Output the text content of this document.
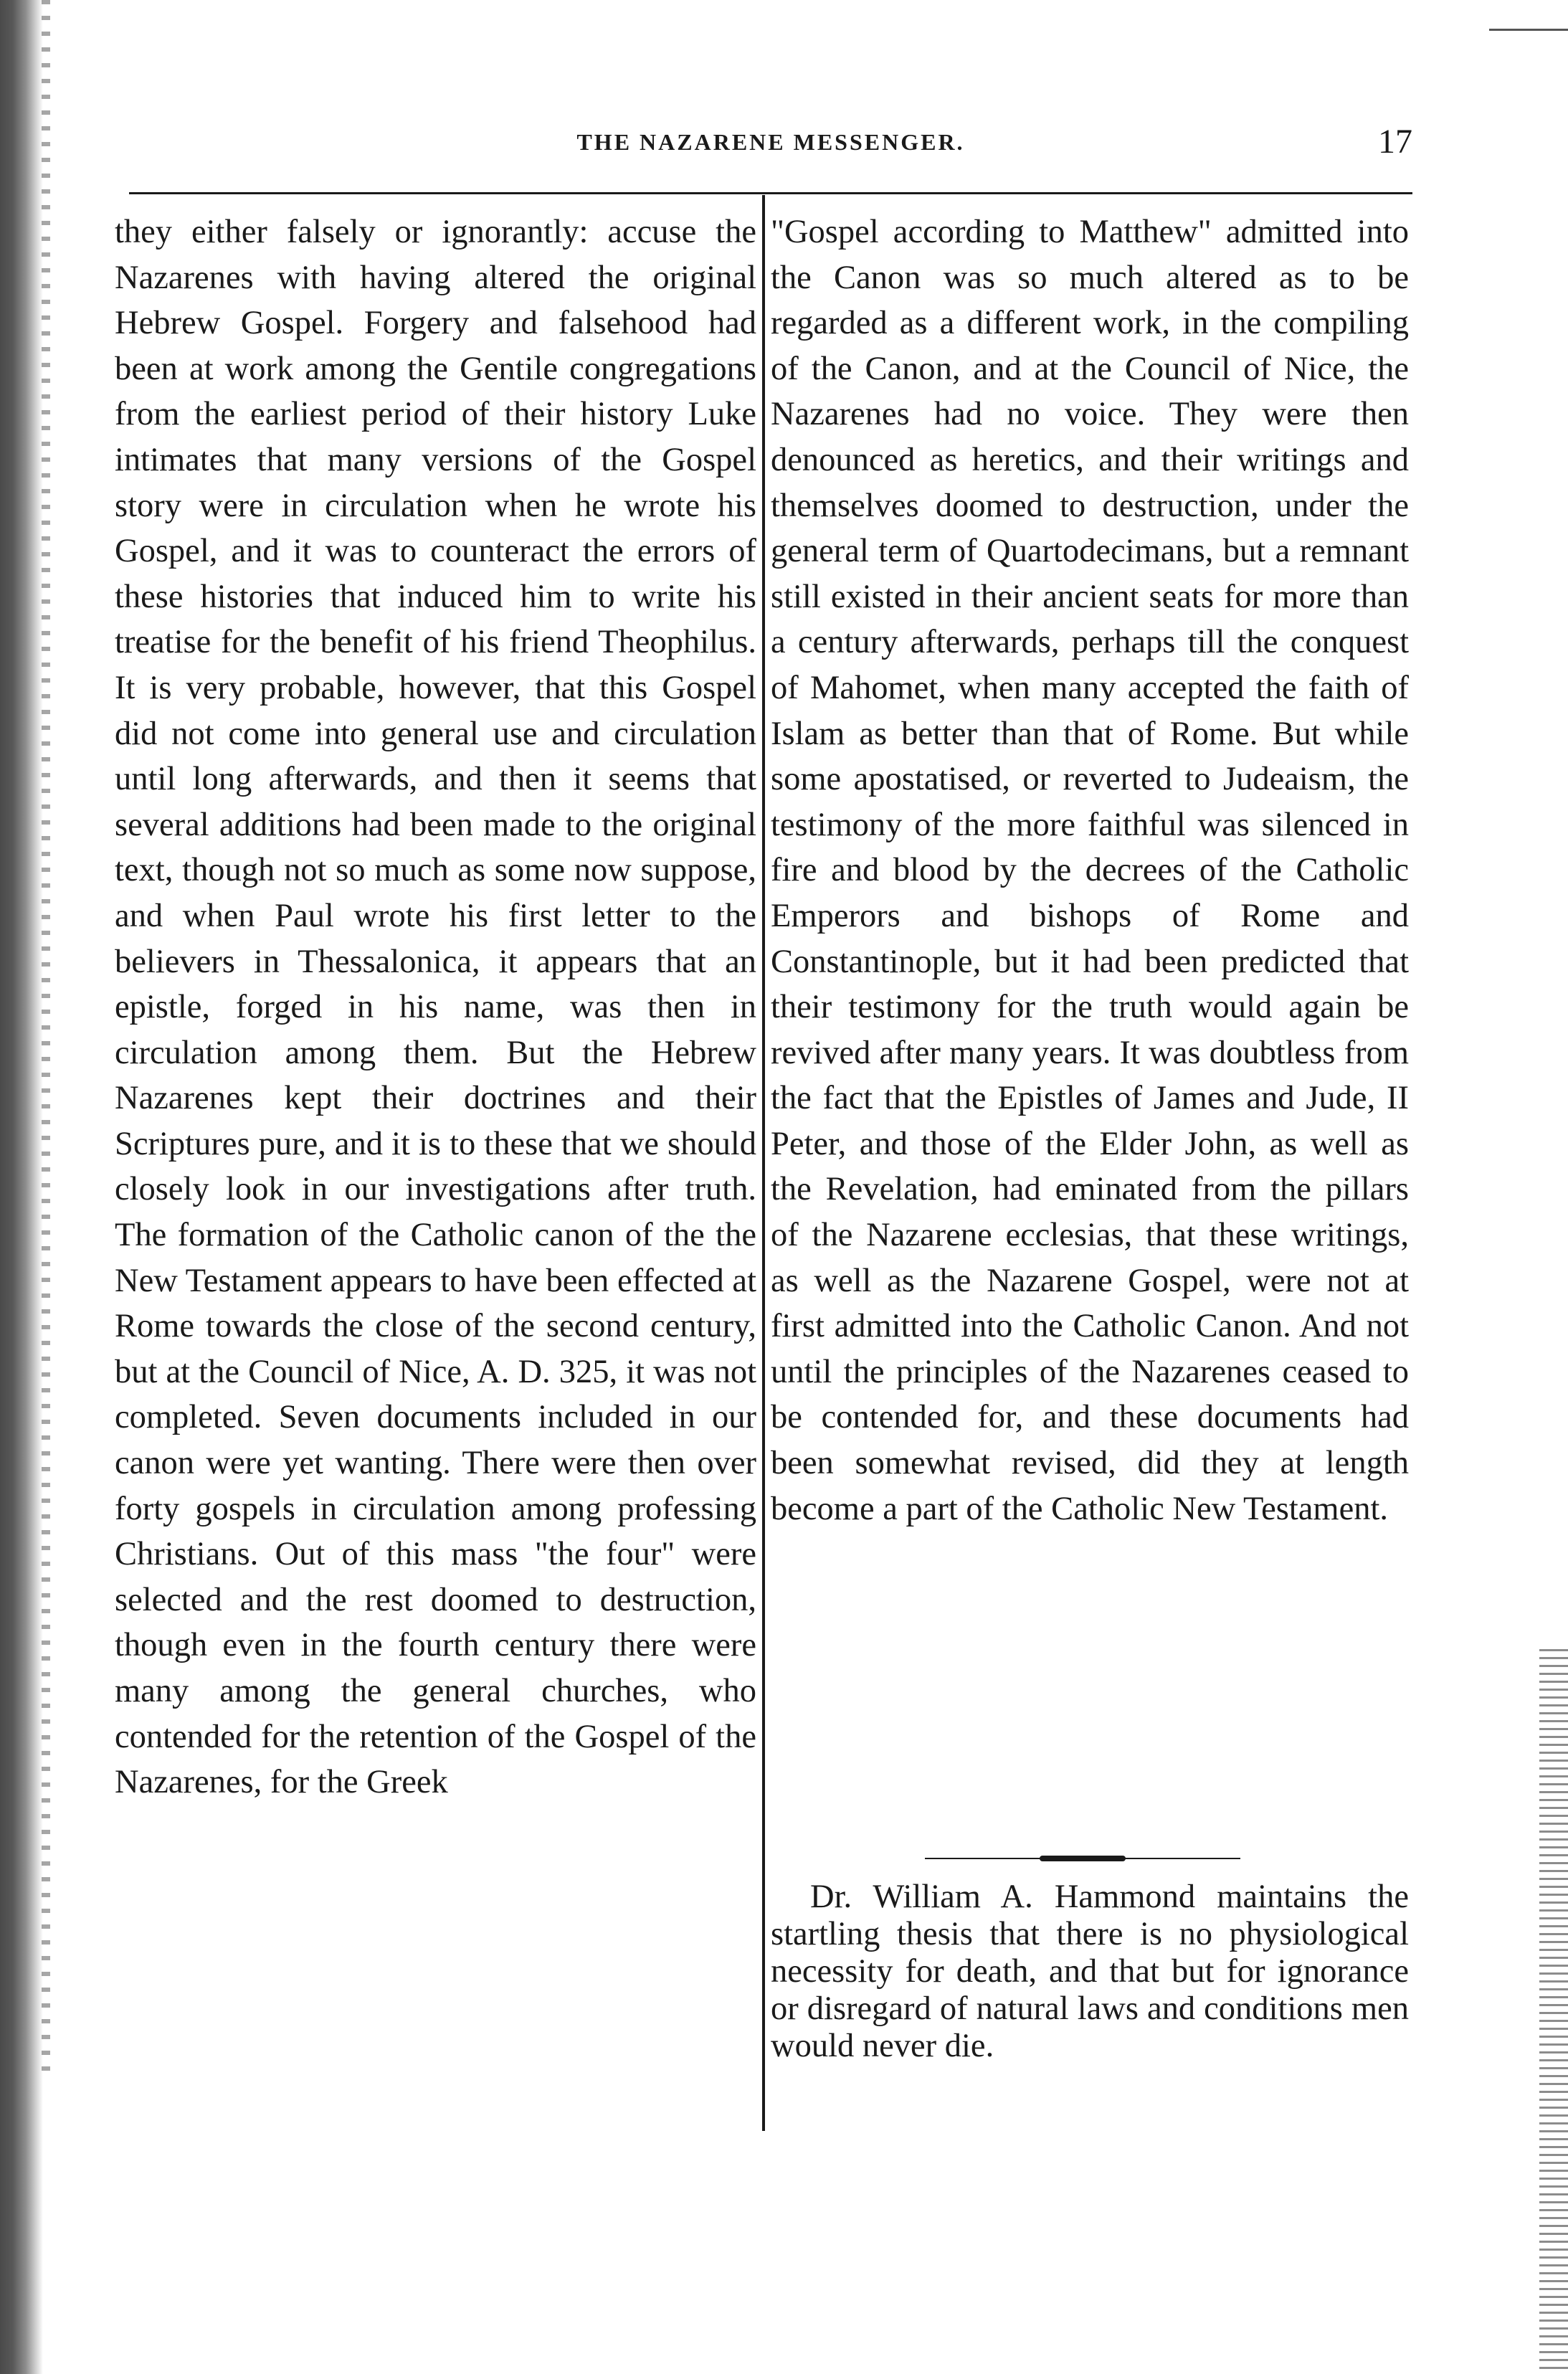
THE NAZARENE MESSENGER.	17

they either falsely or ignorantly: accuse the Nazarenes with having altered the original Hebrew Gospel. Forgery and falsehood had been at work among the Gentile congregations from the earliest period of their history Luke intimates that many versions of the Gospel story were in circulation when he wrote his Gospel, and it was to counteract the errors of these histories that induced him to write his treatise for the benefit of his friend Theophilus. It is very probable, however, that this Gospel did not come into general use and circulation until long afterwards, and then it seems that several additions had been made to the original text, though not so much as some now suppose, and when Paul wrote his first letter to the believers in Thessalonica, it appears that an epistle, forged in his name, was then in circulation among them. But the Hebrew Nazarenes kept their doctrines and their Scriptures pure, and it is to these that we should closely look in our investigations after truth. The formation of the Catholic canon of the the New Testament appears to have been effected at Rome towards the close of the second century, but at the Council of Nice, A. D. 325, it was not completed. Seven documents included in our canon were yet wanting. There were then over forty gospels in circulation among professing Christians. Out of this mass "the four" were selected and the rest doomed to destruction, though even in the fourth century there were many among the general churches, who contended for the retention of the Gospel of the Nazarenes, for the Greek

"Gospel according to Matthew" admitted into the Canon was so much altered as to be regarded as a different work, in the compiling of the Canon, and at the Council of Nice, the Nazarenes had no voice. They were then denounced as heretics, and their writings and themselves doomed to destruction, under the general term of Quartodecimans, but a remnant still existed in their ancient seats for more than a century afterwards, perhaps till the conquest of Mahomet, when many accepted the faith of Islam as better than that of Rome. But while some apostatised, or reverted to Judeaism, the testimony of the more faithful was silenced in fire and blood by the decrees of the Catholic Emperors and bishops of Rome and Constantinople, but it had been predicted that their testimony for the truth would again be revived after many years. It was doubtless from the fact that the Epistles of James and Jude, II Peter, and those of the Elder John, as well as the Revelation, had eminated from the pillars of the Nazarene ecclesias, that these writings, as well as the Nazarene Gospel, were not at first admitted into the Catholic Canon. And not until the principles of the Nazarenes ceased to be contended for, and these documents had been somewhat revised, did they at length become a part of the Catholic New Testament.

Dr. William A. Hammond maintains the startling thesis that there is no physiological necessity for death, and that but for ignorance or disregard of natural laws and conditions men would never die.
